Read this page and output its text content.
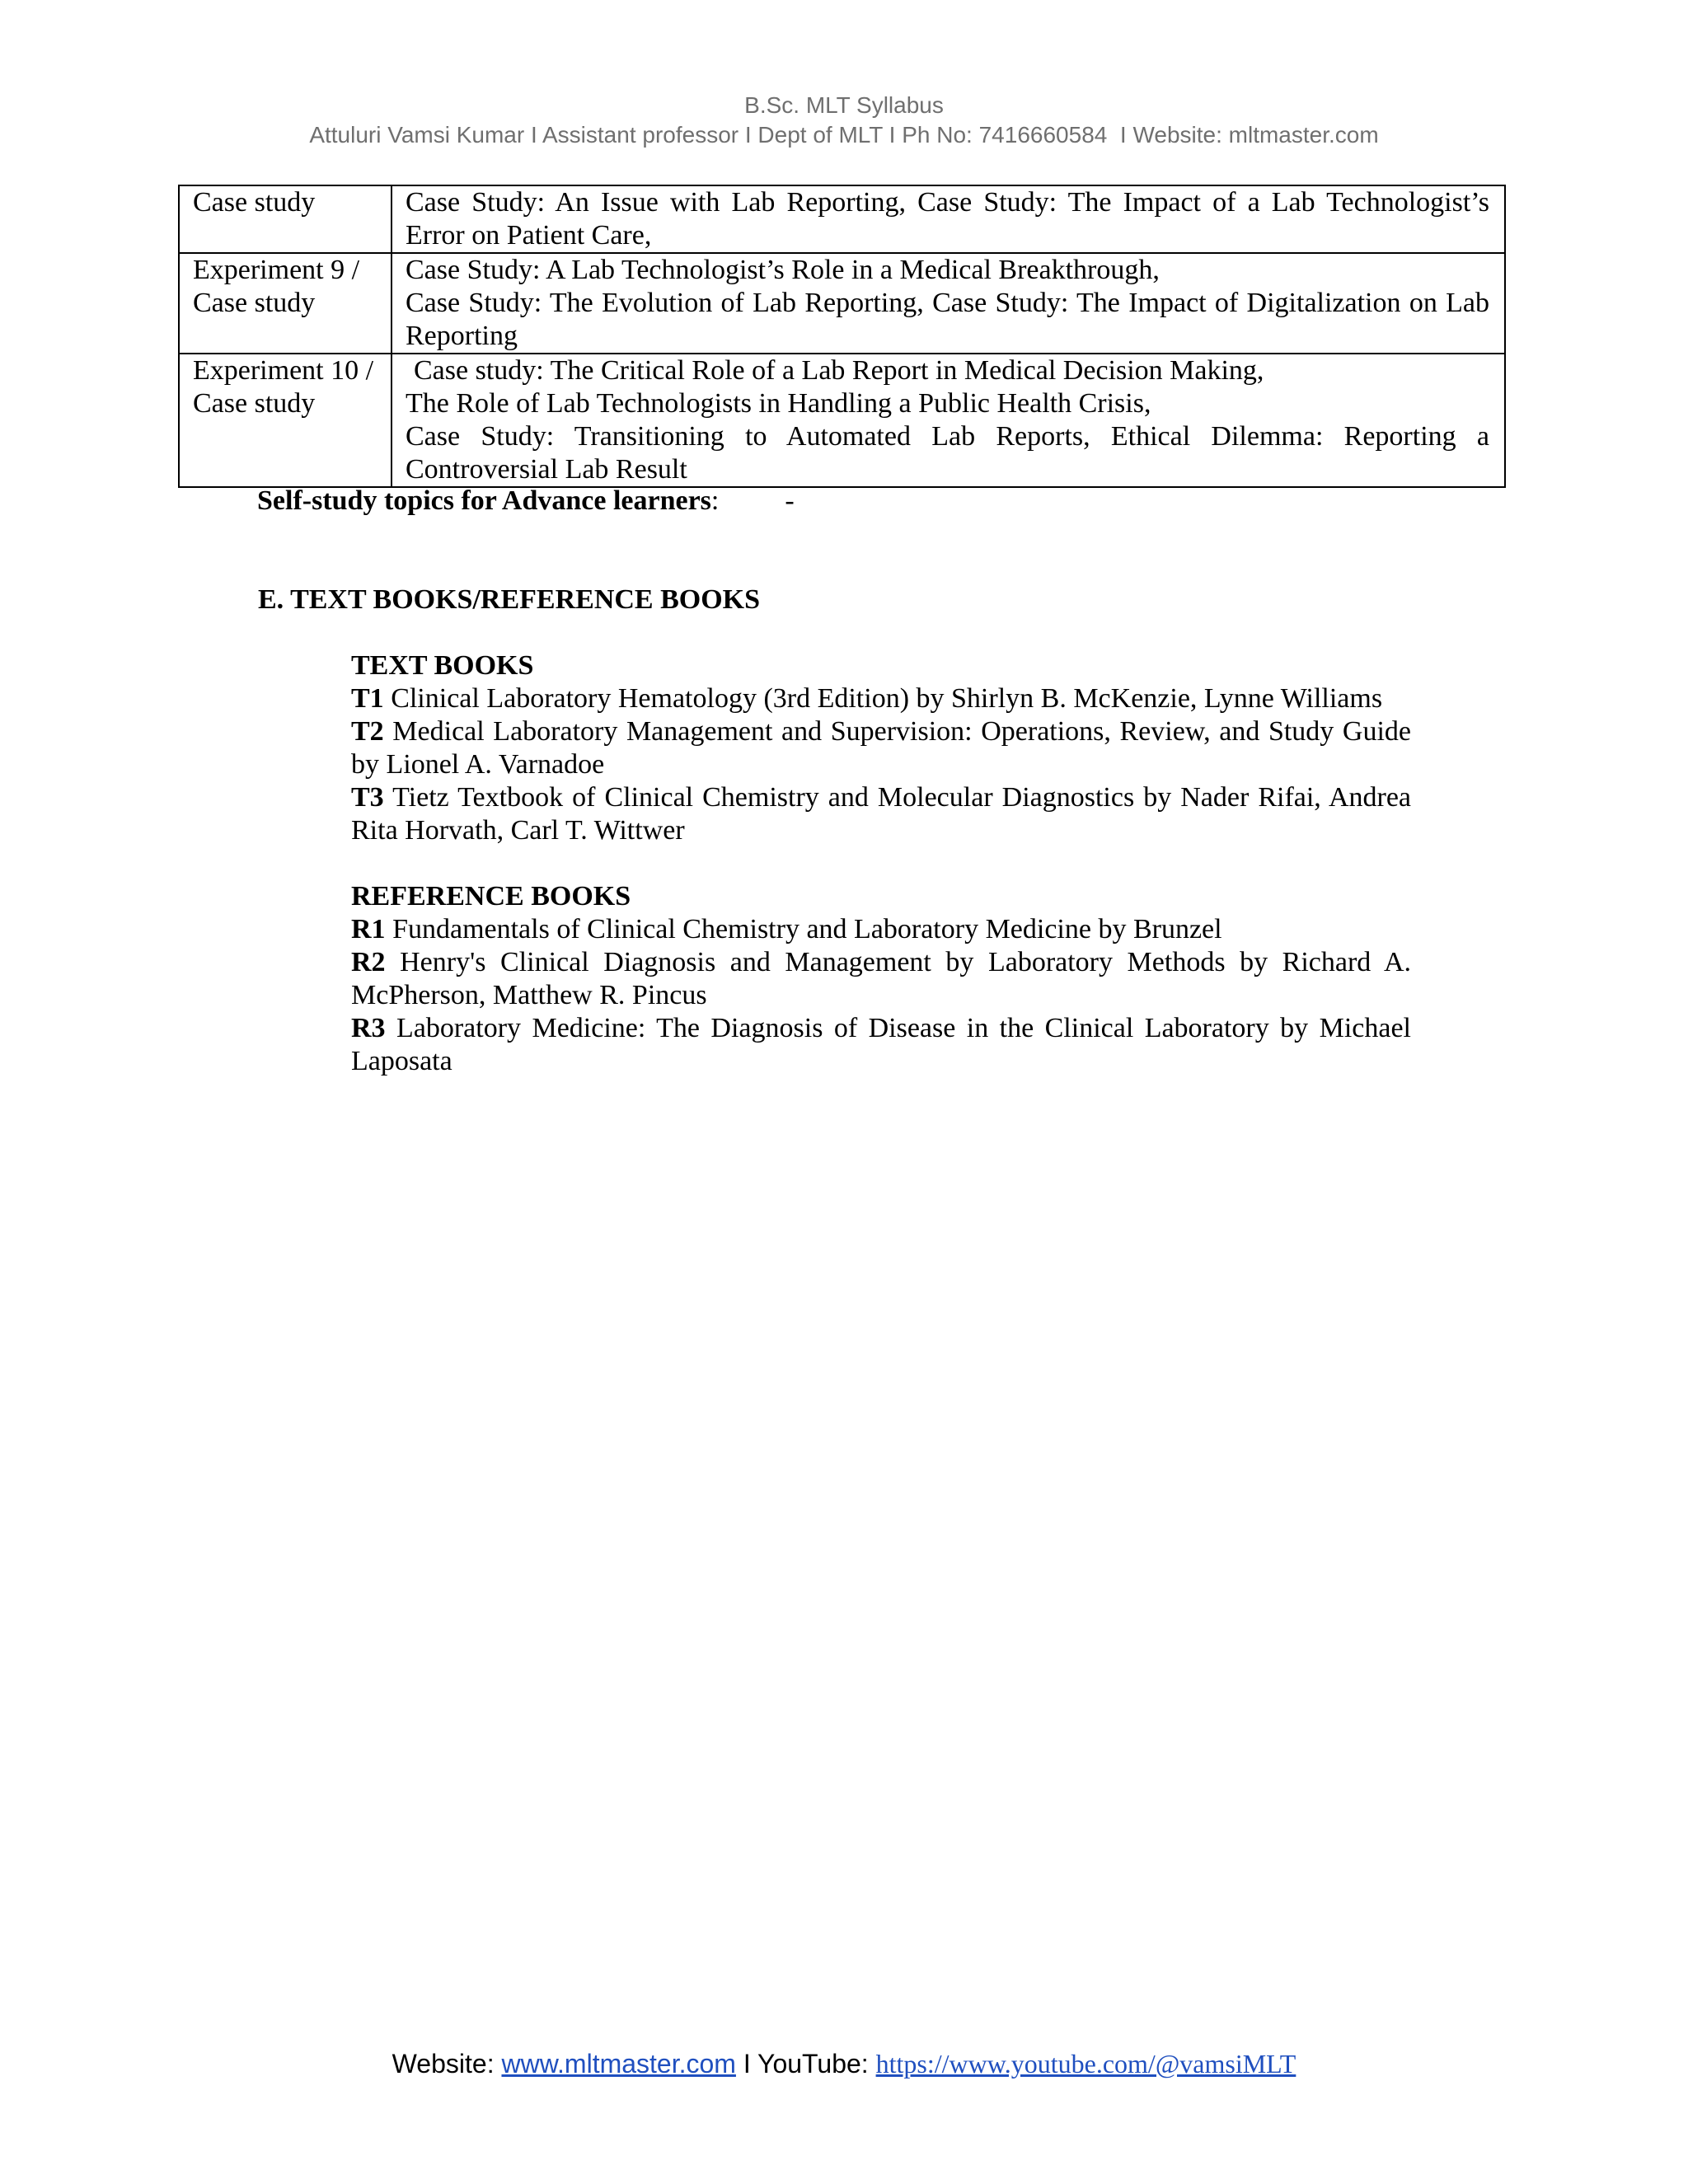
B.Sc. MLT Syllabus
Attuluri Vamsi Kumar I Assistant professor I Dept of MLT I Ph No: 7416660584  I Website: mltmaster.com
Case study	Case Study: An Issue with Lab Reporting, Case Study: The Impact of a Lab Technologist’s Error on Patient Care,

Experiment 9 /
Case study	Case Study: A Lab Technologist’s Role in a Medical Breakthrough,
Case Study: The Evolution of Lab Reporting, Case Study: The Impact of Digitalization on Lab Reporting

Experiment 10 /
Case study	Case study: The Critical Role of a Lab Report in Medical Decision Making,
The Role of Lab Technologists in Handling a Public Health Crisis,
Case Study: Transitioning to Automated Lab Reports, Ethical Dilemma: Reporting a Controversial Lab Result
Self-study topics for Advance learners: -
E. TEXT BOOKS/REFERENCE BOOKS
TEXT BOOKS
T1 Clinical Laboratory Hematology (3rd Edition) by Shirlyn B. McKenzie, Lynne Williams
T2 Medical Laboratory Management and Supervision: Operations, Review, and Study Guide by Lionel A. Varnadoe
T3 Tietz Textbook of Clinical Chemistry and Molecular Diagnostics by Nader Rifai, Andrea Rita Horvath, Carl T. Wittwer
REFERENCE BOOKS
R1 Fundamentals of Clinical Chemistry and Laboratory Medicine by Brunzel
R2 Henry's Clinical Diagnosis and Management by Laboratory Methods by Richard A. McPherson, Matthew R. Pincus
R3 Laboratory Medicine: The Diagnosis of Disease in the Clinical Laboratory by Michael Laposata
Website: www.mltmaster.com I YouTube: https://www.youtube.com/@vamsiMLT
